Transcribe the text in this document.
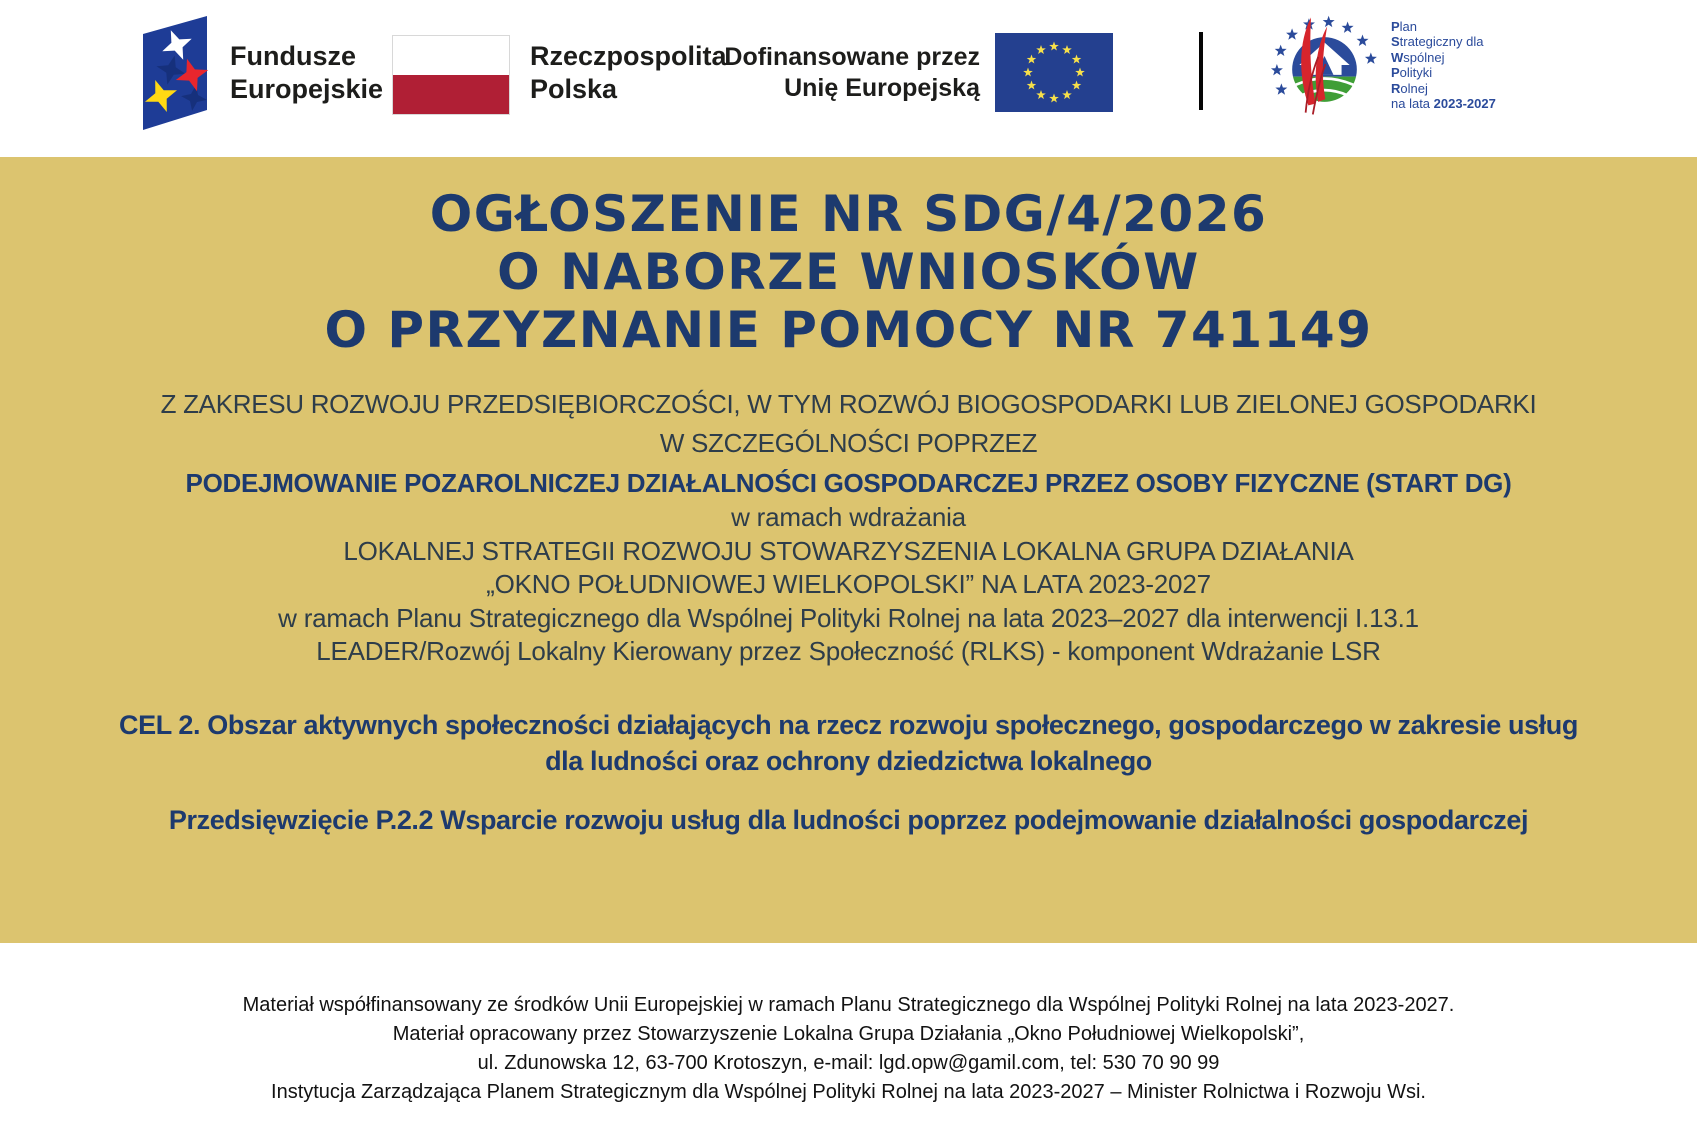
Fundusze
Europejskie
Rzeczpospolita
Polska
Dofinansowane przez
Unię Europejską
Plan
Strategiczny dla
Wspólnej
Polityki
Rolnej
na lata 2023-2027
OGŁOSZENIE NR SDG/4/2026
O NABORZE WNIOSKÓW
O PRZYZNANIE POMOCY NR 741149
Z ZAKRESU ROZWOJU PRZEDSIĘBIORCZOŚCI, W TYM ROZWÓJ BIOGOSPODARKI LUB ZIELONEJ GOSPODARKI
W SZCZEGÓLNOŚCI POPRZEZ
PODEJMOWANIE POZAROLNICZEJ DZIAŁALNOŚCI GOSPODARCZEJ PRZEZ OSOBY FIZYCZNE (START DG)
w ramach wdrażania
LOKALNEJ STRATEGII ROZWOJU STOWARZYSZENIA LOKALNA GRUPA DZIAŁANIA
„OKNO POŁUDNIOWEJ WIELKOPOLSKI” NA LATA 2023-2027
w ramach Planu Strategicznego dla Wspólnej Polityki Rolnej na lata 2023–2027 dla interwencji I.13.1
LEADER/Rozwój Lokalny Kierowany przez Społeczność (RLKS) - komponent Wdrażanie LSR
CEL 2. Obszar aktywnych społeczności działających na rzecz rozwoju społecznego, gospodarczego w zakresie usług dla ludności oraz ochrony dziedzictwa lokalnego
Przedsięwzięcie P.2.2 Wsparcie rozwoju usług dla ludności poprzez podejmowanie działalności gospodarczej
Materiał współfinansowany ze środków Unii Europejskiej w ramach Planu Strategicznego dla Wspólnej Polityki Rolnej na lata 2023-2027.
Materiał opracowany przez Stowarzyszenie Lokalna Grupa Działania „Okno Południowej Wielkopolski”,
ul. Zdunowska 12, 63-700 Krotoszyn, e-mail: lgd.opw@gamil.com, tel: 530 70 90 99
Instytucja Zarządzająca Planem Strategicznym dla Wspólnej Polityki Rolnej na lata 2023-2027 – Minister Rolnictwa i Rozwoju Wsi.
